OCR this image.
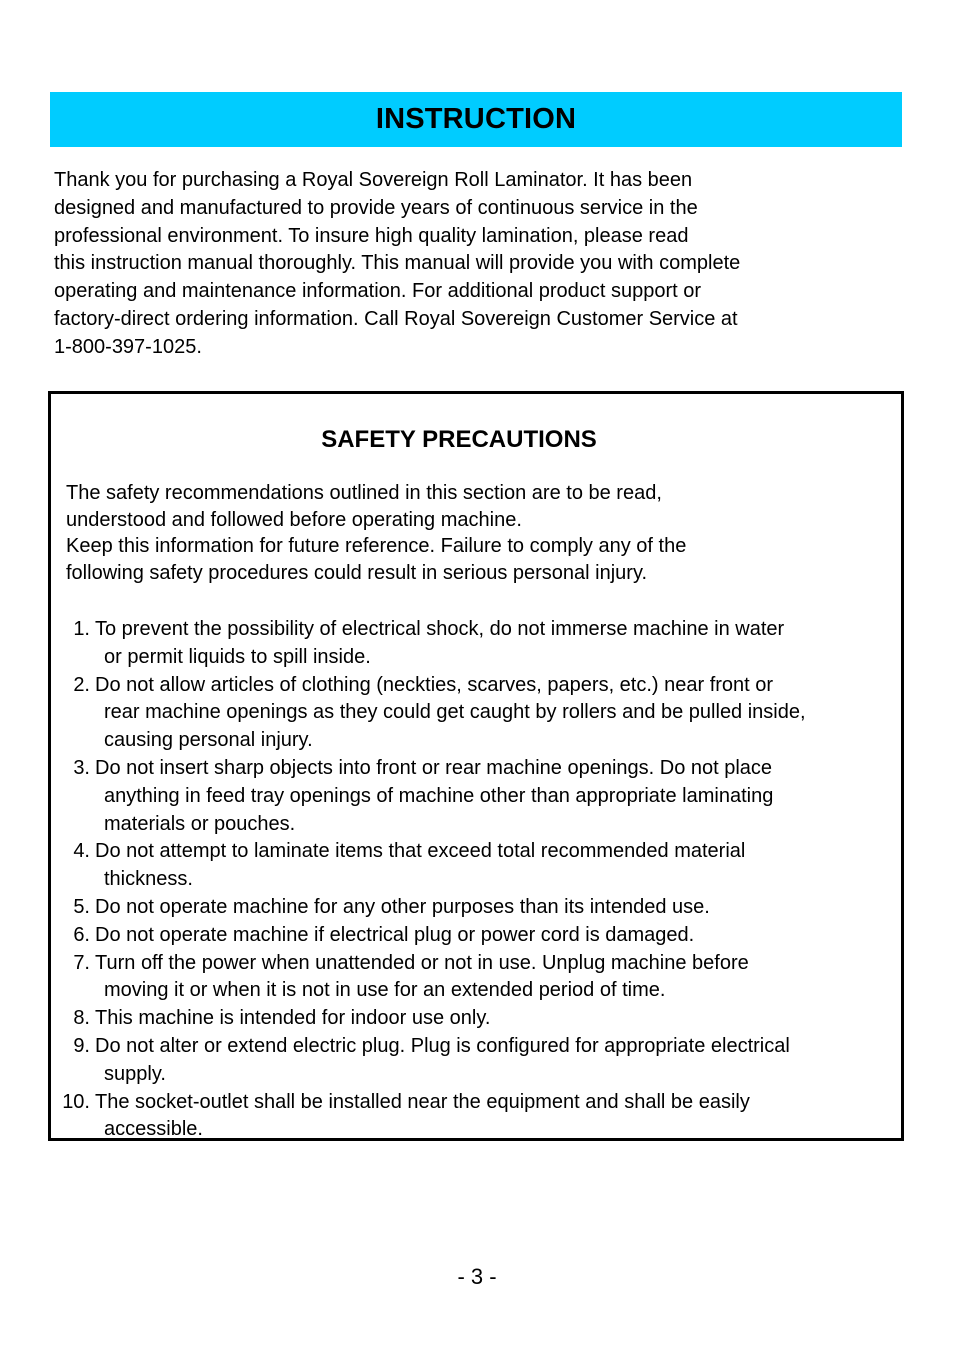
INSTRUCTION

Thank you for purchasing a Royal Sovereign Roll Laminator. It has been
designed and manufactured to provide years of continuous service in the
professional environment. To insure high quality lamination, please read
this instruction manual thoroughly. This manual will provide you with complete
operating and maintenance information. For additional product support or
factory-direct ordering information. Call Royal Sovereign Customer Service at
1-800-397-1025.

SAFETY PRECAUTIONS

The safety recommendations outlined in this section are to be read,

understood and followed before operating machine.

Keep this information for future reference. Failure to comply any of the

following safety procedures could result in serious personal injury.

1. To prevent the possibility of electrical shock, do not immerse machine in water
or permit liquids to spill inside.
2. Do not allow articles of clothing (neckties, scarves, papers, etc.) near front or
rear machine openings as they could get caught by rollers and be pulled inside,
causing personal injury.
3. Do not insert sharp objects into front or rear machine openings. Do not place
anything in feed tray openings of machine other than appropriate laminating
materials or pouches.
4. Do not attempt to laminate items that exceed total recommended material
thickness.
5. Do not operate machine for any other purposes than its intended use.
6. Do not operate machine if electrical plug or power cord is damaged.
7. Turn off the power when unattended or not in use. Unplug machine before
moving it or when it is not in use for an extended period of time.
8. This machine is intended for indoor use only.
9. Do not alter or extend electric plug. Plug is configured for appropriate electrical
supply.
10. The socket-outlet shall be installed near the equipment and shall be easily
accessible.
- 3 -
